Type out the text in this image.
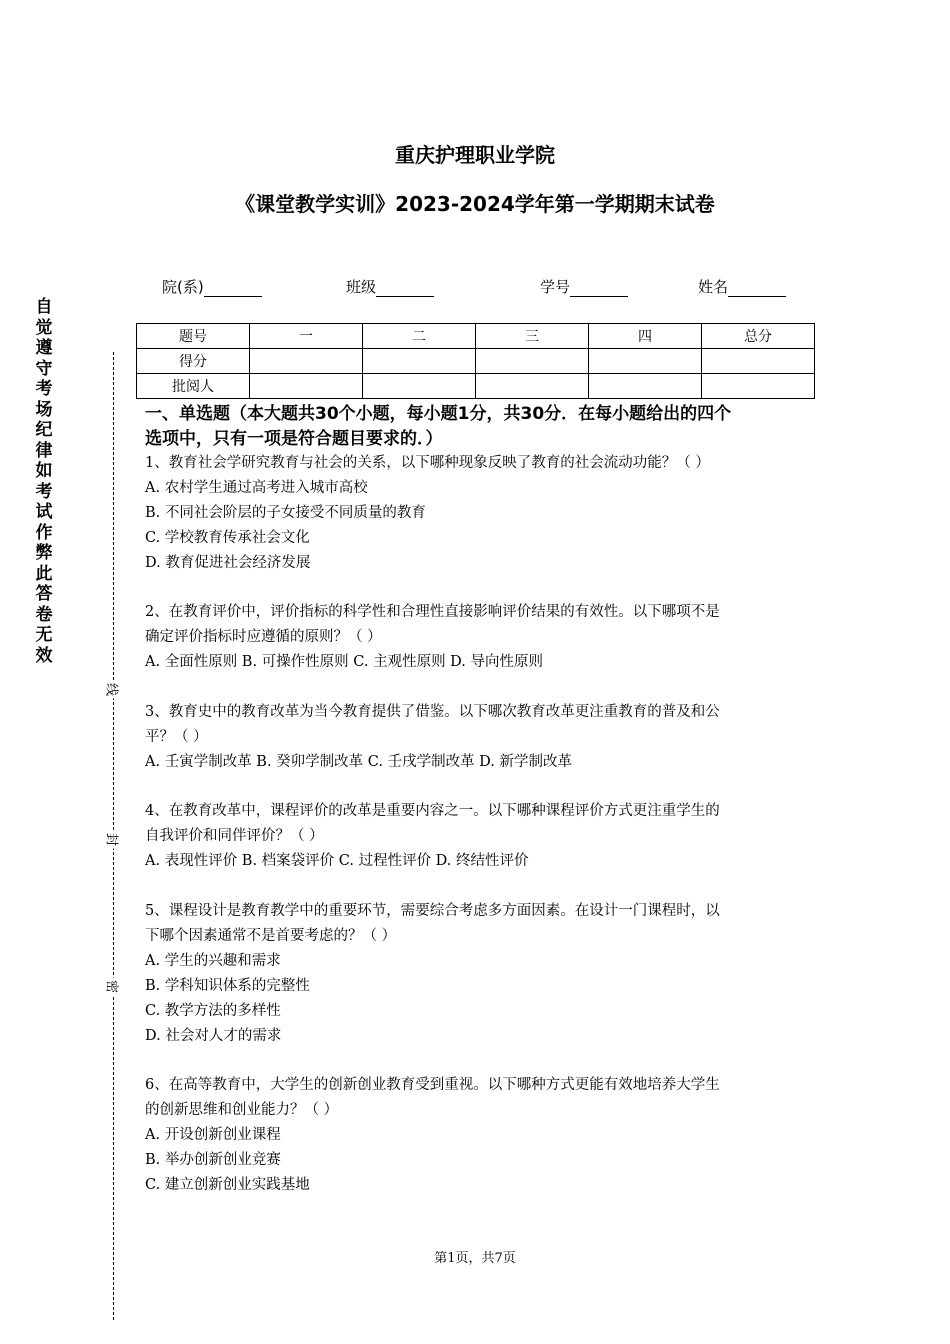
重庆护理职业学院
《课堂教学实训》2023-2024学年第一学期期末试卷
院(系)	班级	学号	姓名
题号	一	二	三	四	总分
得分					
批阅人					
自觉遵守考场纪律如考试作弊此答卷无效
线
封
密
一、单选题（本大题共30个小题，每小题1分，共30分．在每小题给出的四个
选项中，只有一项是符合题目要求的．）

1、教育社会学研究教育与社会的关系，以下哪种现象反映了教育的社会流动功能？（ ）

A. 农村学生通过高考进入城市高校

B. 不同社会阶层的子女接受不同质量的教育

C. 学校教育传承社会文化

D. 教育促进社会经济发展

2、在教育评价中，评价指标的科学性和合理性直接影响评价结果的有效性。以下哪项不是

确定评价指标时应遵循的原则？（ ）

A. 全面性原则 B. 可操作性原则 C. 主观性原则 D. 导向性原则

3、教育史中的教育改革为当今教育提供了借鉴。以下哪次教育改革更注重教育的普及和公

平？（ ）

A. 壬寅学制改革 B. 癸卯学制改革 C. 壬戌学制改革 D. 新学制改革

4、在教育改革中，课程评价的改革是重要内容之一。以下哪种课程评价方式更注重学生的

自我评价和同伴评价？（ ）

A. 表现性评价 B. 档案袋评价 C. 过程性评价 D. 终结性评价

5、课程设计是教育教学中的重要环节，需要综合考虑多方面因素。在设计一门课程时，以

下哪个因素通常不是首要考虑的？（ ）

A. 学生的兴趣和需求

B. 学科知识体系的完整性

C. 教学方法的多样性

D. 社会对人才的需求

6、在高等教育中，大学生的创新创业教育受到重视。以下哪种方式更能有效地培养大学生

的创新思维和创业能力？（ ）

A. 开设创新创业课程

B. 举办创新创业竞赛

C. 建立创新创业实践基地

第1页，共7页
